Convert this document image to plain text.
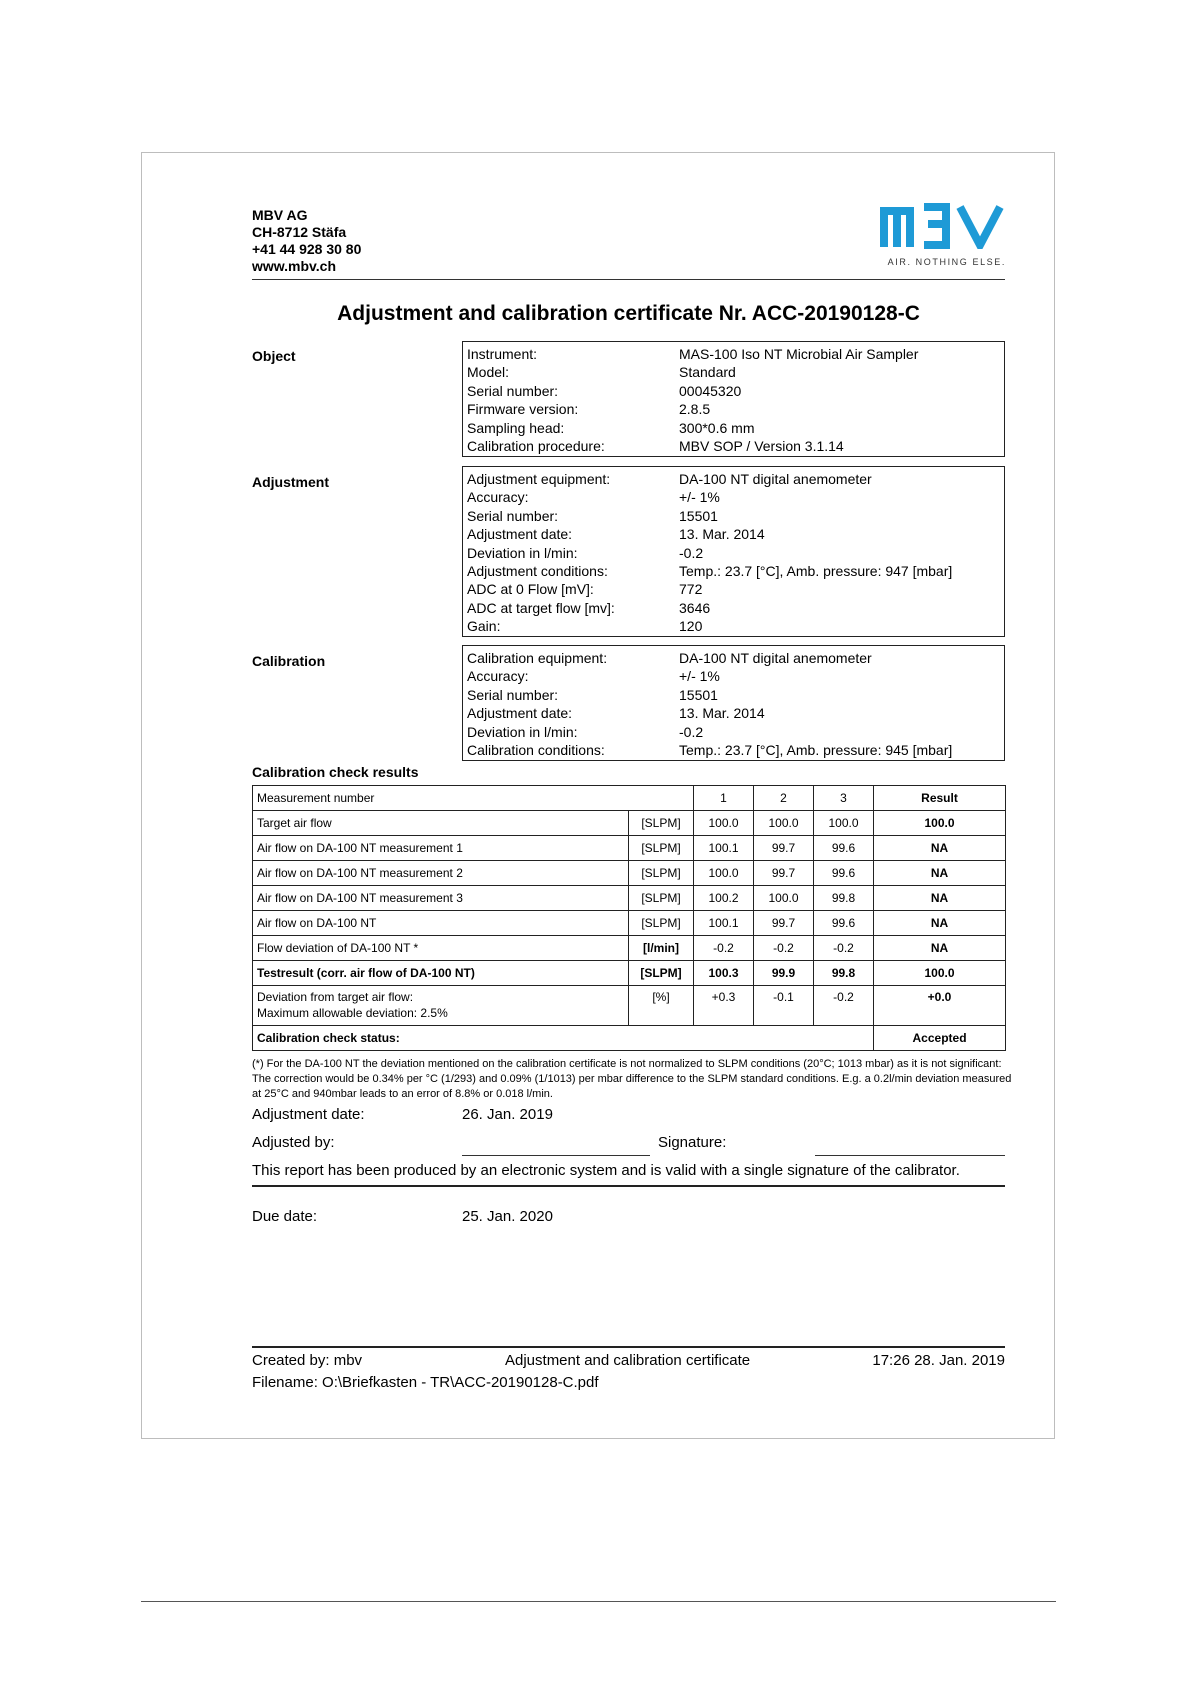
MBV AG
CH-8712 Stäfa
+41 44 928 30 80
www.mbv.ch	AIR. NOTHING ELSE.
Adjustment and calibration certificate Nr. ACC-20190128-C
Object	Instrument:	MAS-100 Iso NT Microbial Air Sampler
Model:	Standard
Serial number:	00045320
Firmware version:	2.8.5
Sampling head:	300*0.6 mm
Calibration procedure:	MBV SOP / Version 3.1.14
Adjustment	Adjustment equipment:	DA-100 NT digital anemometer
Accuracy:	+/- 1%
Serial number:	15501
Adjustment date:	13. Mar. 2014
Deviation in l/min:	-0.2
Adjustment conditions:	Temp.: 23.7 [°C], Amb. pressure: 947 [mbar]
ADC at 0 Flow [mV]:	772
ADC at target flow [mv]:	3646
Gain:	120
Calibration	Calibration equipment:	DA-100 NT digital anemometer
Accuracy:	+/- 1%
Serial number:	15501
Adjustment date:	13. Mar. 2014
Deviation in l/min:	-0.2
Calibration conditions:	Temp.: 23.7 [°C], Amb. pressure: 945 [mbar]
Calibration check results
Measurement number		1	2	3	Result
Target air flow	[SLPM]	100.0	100.0	100.0	100.0
Air flow on DA-100 NT measurement 1	[SLPM]	100.1	99.7	99.6	NA
Air flow on DA-100 NT measurement 2	[SLPM]	100.0	99.7	99.6	NA
Air flow on DA-100 NT measurement 3	[SLPM]	100.2	100.0	99.8	NA
Air flow on DA-100 NT	[SLPM]	100.1	99.7	99.6	NA
Flow deviation of DA-100 NT *	[l/min]	-0.2	-0.2	-0.2	NA
Testresult (corr. air flow of DA-100 NT)	[SLPM]	100.3	99.9	99.8	100.0

Deviation from target air flow:
Maximum allowable deviation: 2.5%	[%]	+0.3	-0.1	-0.2	+0.0
Calibration check status:					Accepted
(*) For the DA-100 NT the deviation mentioned on the calibration certificate is not normalized to SLPM conditions (20°C; 1013 mbar) as it is not significant: The correction would be 0.34% per °C (1/293) and 0.09% (1/1013) per mbar difference to the SLPM standard conditions. E.g. a 0.2l/min deviation measured at 25°C and 940mbar leads to an error of 8.8% or 0.018 l/min.
Adjustment date:	26. Jan. 2019
Adjusted by:	Signature:
This report has been produced by an electronic system and is valid with a single signature of the calibrator.
Due date:	25. Jan. 2020
Created by: mbv	Adjustment and calibration certificate	17:26 28. Jan. 2019
Filename: O:\Briefkasten - TR\ACC-20190128-C.pdf
